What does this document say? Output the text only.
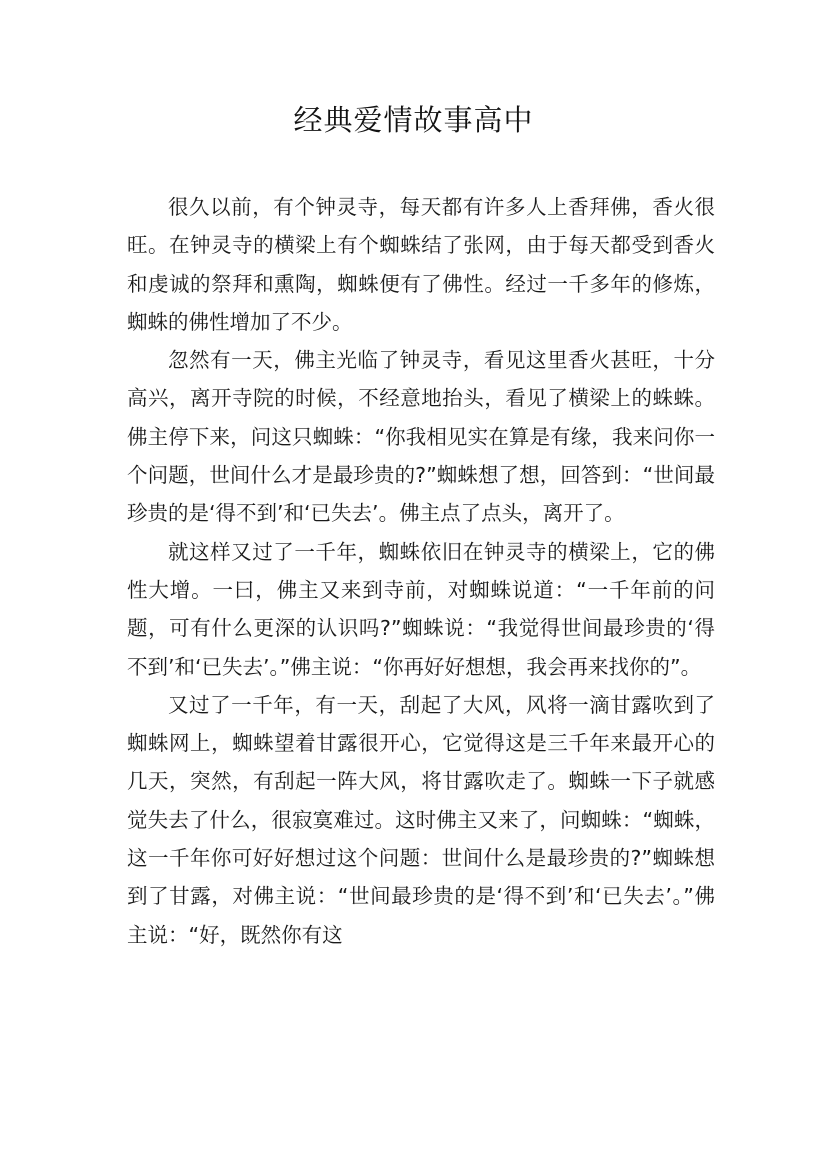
经典爱情故事高中

很久以前，有个钟灵寺，每天都有许多人上香拜佛，香火很旺。在钟灵寺的横梁上有个蜘蛛结了张网，由于每天都受到香火和虔诚的祭拜和熏陶，蜘蛛便有了佛性。经过一千多年的修炼，蜘蛛的佛性增加了不少。

忽然有一天，佛主光临了钟灵寺，看见这里香火甚旺，十分高兴，离开寺院的时候，不经意地抬头，看见了横梁上的蛛蛛。佛主停下来，问这只蜘蛛：“你我相见实在算是有缘，我来问你一个问题，世间什么才是最珍贵的?”蜘蛛想了想，回答到：“世间最珍贵的是‘得不到’和‘已失去’。佛主点了点头，离开了。

就这样又过了一千年，蜘蛛依旧在钟灵寺的横梁上，它的佛性大增。一曰，佛主又来到寺前，对蜘蛛说道：“一千年前的问题，可有什么更深的认识吗?”蜘蛛说：“我觉得世间最珍贵的‘得不到’和‘已失去’。”佛主说：“你再好好想想，我会再来找你的”。

又过了一千年，有一天，刮起了大风，风将一滴甘露吹到了蜘蛛网上，蜘蛛望着甘露很开心，它觉得这是三千年来最开心的几天，突然，有刮起一阵大风，将甘露吹走了。蜘蛛一下子就感觉失去了什么，很寂寞难过。这时佛主又来了，问蜘蛛：“蜘蛛，这一千年你可好好想过这个问题：世间什么是最珍贵的?”蜘蛛想到了甘露，对佛主说：“世间最珍贵的是‘得不到’和‘已失去’。”佛主说：“好，既然你有这
